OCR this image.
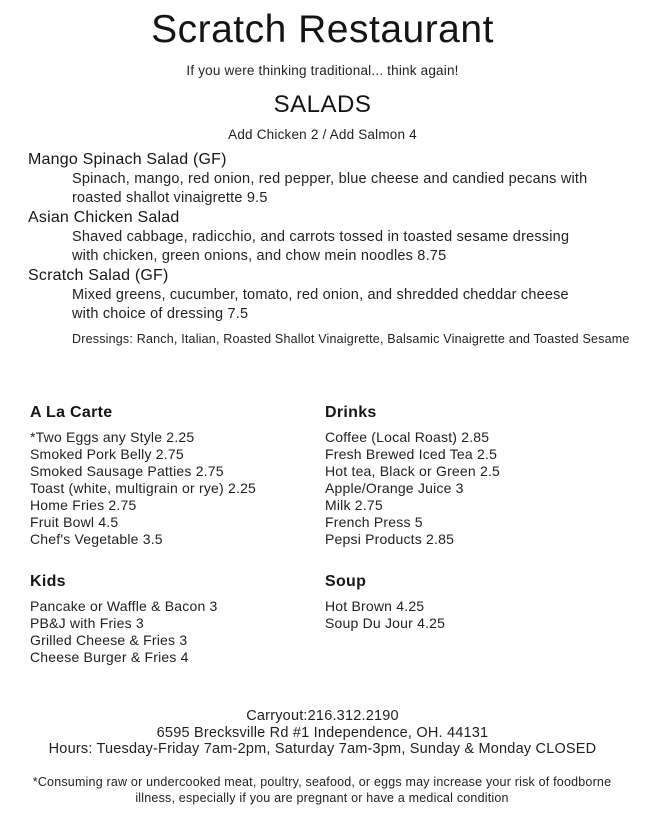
Scratch Restaurant
If you were thinking traditional... think again!
SALADS
Add Chicken 2 / Add Salmon 4
Mango Spinach Salad (GF)
Spinach, mango, red onion, red pepper, blue cheese and candied pecans with roasted shallot vinaigrette 9.5
Asian Chicken Salad
Shaved cabbage, radicchio, and carrots tossed in toasted sesame dressing with chicken, green onions, and chow mein noodles 8.75
Scratch Salad (GF)
Mixed greens, cucumber, tomato, red onion, and shredded cheddar cheese with choice of dressing 7.5
Dressings: Ranch, Italian, Roasted Shallot Vinaigrette, Balsamic Vinaigrette and Toasted Sesame
A La Carte
*Two Eggs any Style 2.25
Smoked Pork Belly 2.75
Smoked Sausage Patties 2.75
Toast (white, multigrain or rye) 2.25
Home Fries 2.75
Fruit Bowl 4.5
Chef's Vegetable 3.5
Drinks
Coffee (Local Roast) 2.85
Fresh Brewed Iced Tea 2.5
Hot tea, Black or Green 2.5
Apple/Orange Juice 3
Milk 2.75
French Press 5
Pepsi Products 2.85
Kids
Pancake or Waffle & Bacon 3
PB&J with Fries 3
Grilled Cheese & Fries 3
Cheese Burger & Fries 4
Soup
Hot Brown 4.25
Soup Du Jour 4.25
Carryout:216.312.2190
6595 Brecksville Rd #1 Independence, OH. 44131
Hours: Tuesday-Friday 7am-2pm, Saturday 7am-3pm, Sunday & Monday CLOSED
*Consuming raw or undercooked meat, poultry, seafood, or eggs may increase your risk of foodborne illness, especially if you are pregnant or have a medical condition
